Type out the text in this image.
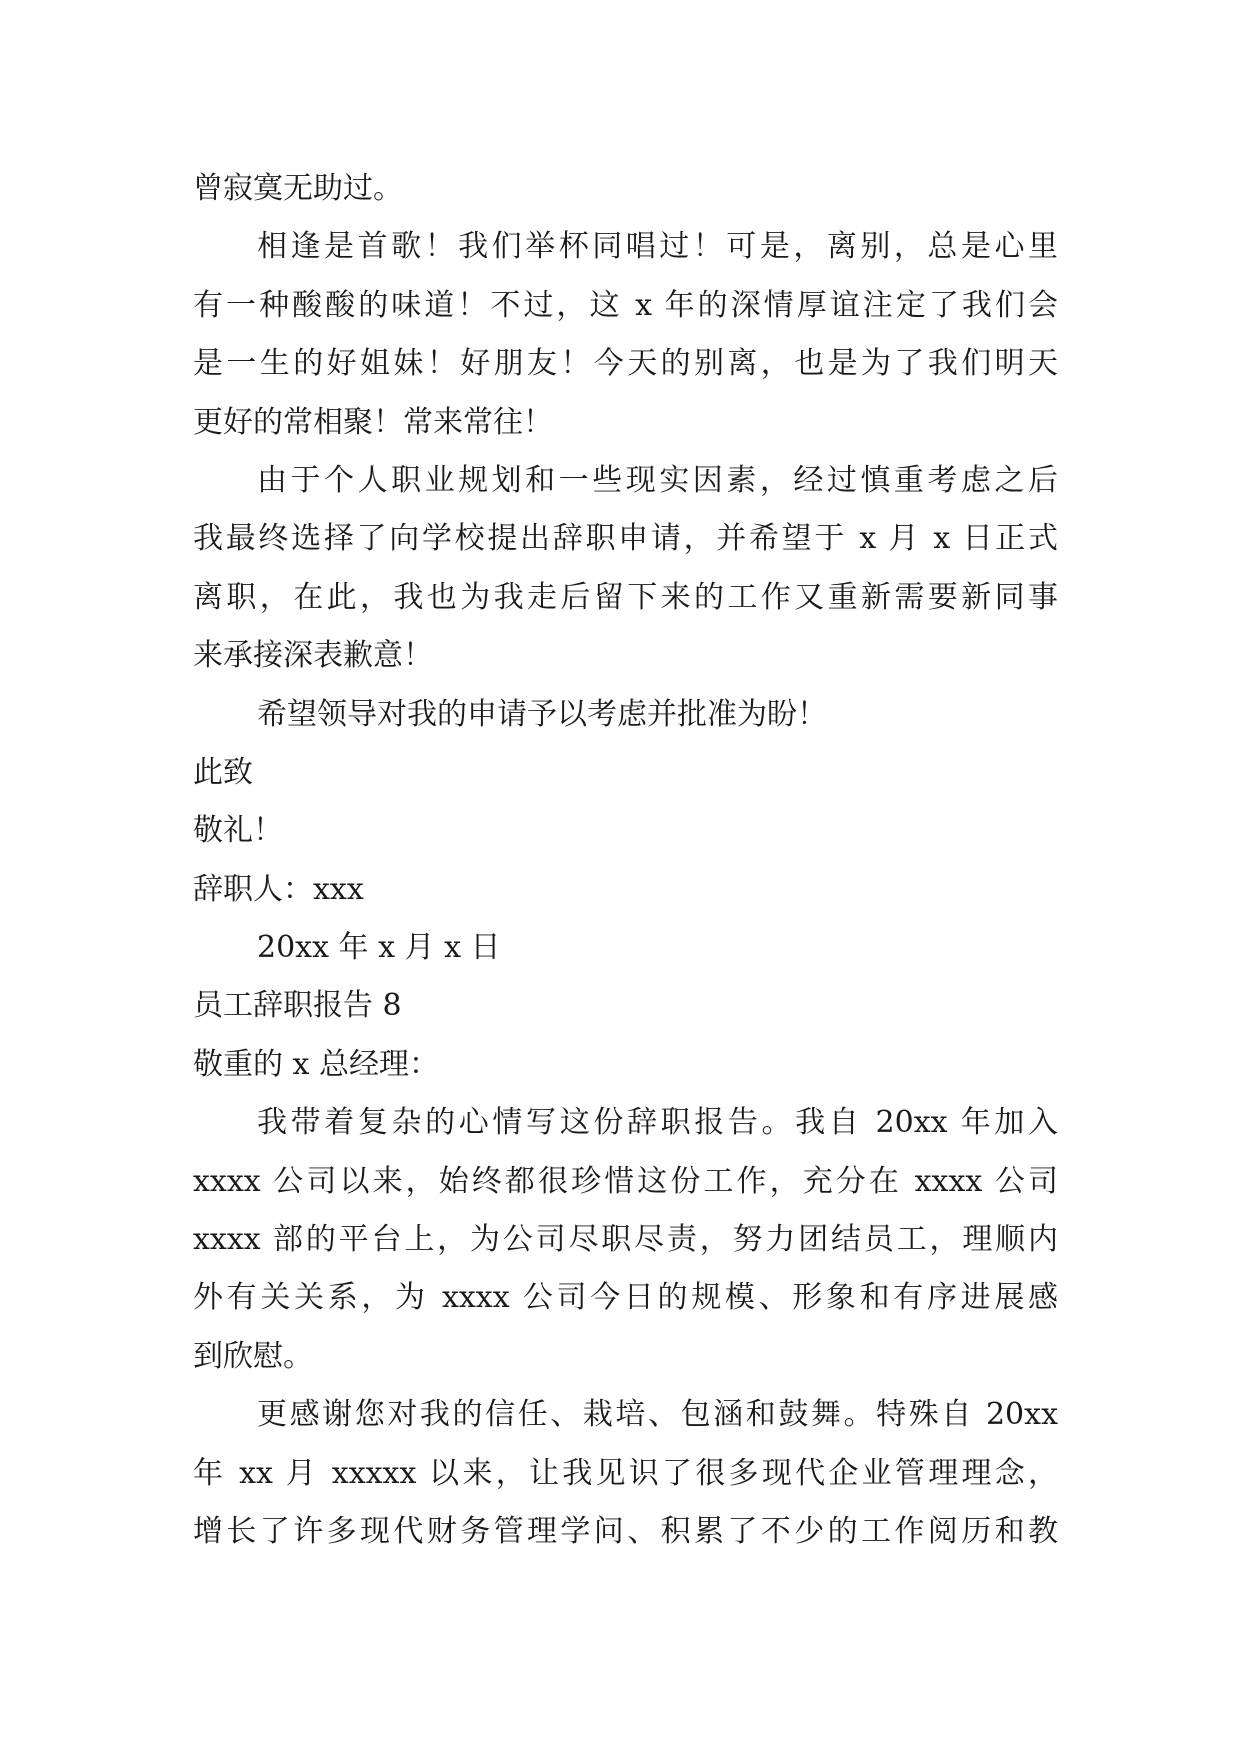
曾寂寞无助过。
相逢是首歌！我们举杯同唱过！可是，离别，总是心里
有一种酸酸的味道！不过，这 x 年的深情厚谊注定了我们会
是一生的好姐妹！好朋友！今天的别离，也是为了我们明天
更好的常相聚！常来常往！
由于个人职业规划和一些现实因素，经过慎重考虑之后
我最终选择了向学校提出辞职申请，并希望于 x 月 x 日正式
离职，在此，我也为我走后留下来的工作又重新需要新同事
来承接深表歉意！
希望领导对我的申请予以考虑并批准为盼！
此致
敬礼！
辞职人：xxx
20xx 年 x 月 x 日
员工辞职报告 8
敬重的 x 总经理：
我带着复杂的心情写这份辞职报告。我自 20xx 年加入
xxxx 公司以来，始终都很珍惜这份工作，充分在 xxxx 公司
xxxx 部的平台上，为公司尽职尽责，努力团结员工，理顺内
外有关关系，为 xxxx 公司今日的规模、形象和有序进展感
到欣慰。
更感谢您对我的信任、栽培、包涵和鼓舞。特殊自 20xx
年 xx 月 xxxxx 以来，让我见识了很多现代企业管理理念，
增长了许多现代财务管理学问、积累了不少的工作阅历和教
